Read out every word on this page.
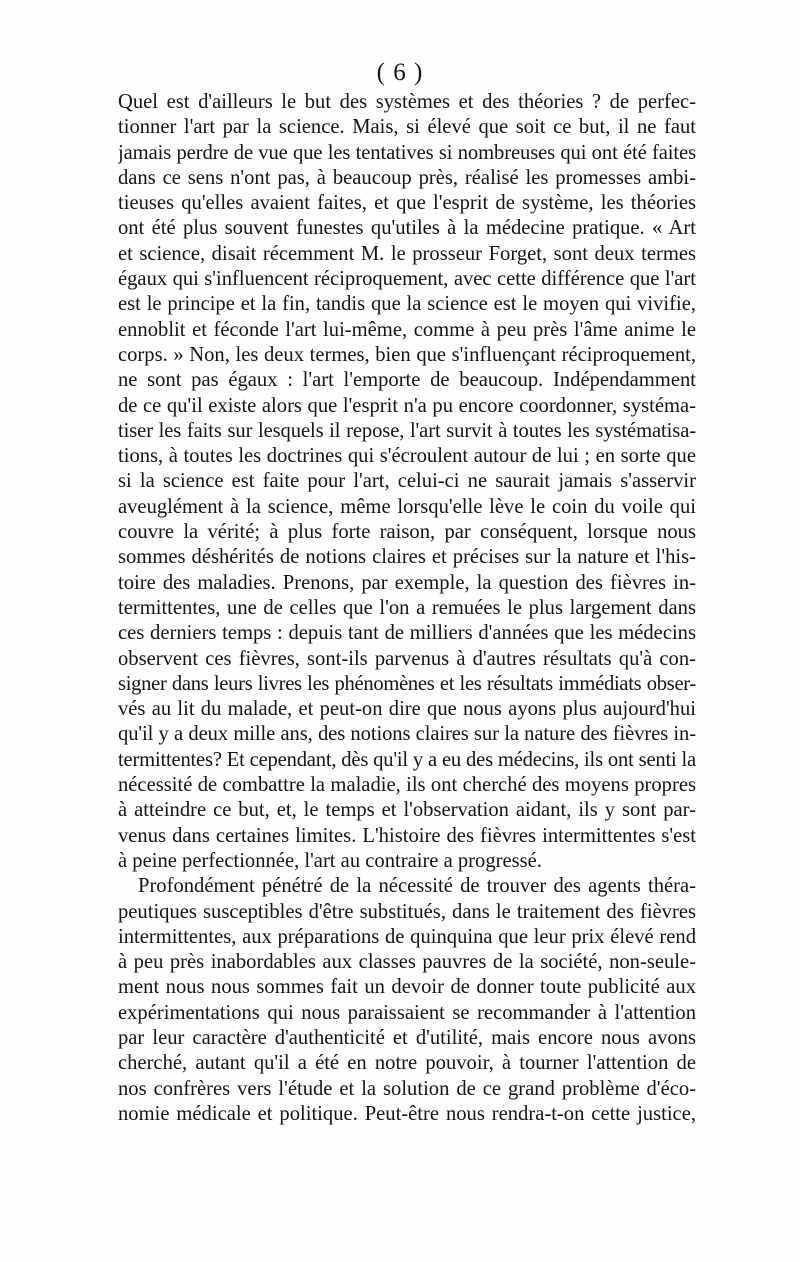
( 6 )
Quel est d'ailleurs le but des systèmes et des théories ? de perfec-
tionner l'art par la science. Mais, si élevé que soit ce but, il ne faut
jamais perdre de vue que les tentatives si nombreuses qui ont été faites
dans ce sens n'ont pas, à beaucoup près, réalisé les promesses ambi-
tieuses qu'elles avaient faites, et que l'esprit de système, les théories
ont été plus souvent funestes qu'utiles à la médecine pratique. « Art
et science, disait récemment M. le prosseur Forget, sont deux termes
égaux qui s'influencent réciproquement, avec cette différence que l'art
est le principe et la fin, tandis que la science est le moyen qui vivifie,
ennoblit et féconde l'art lui-même, comme à peu près l'âme anime le
corps. » Non, les deux termes, bien que s'influençant réciproquement,
ne sont pas égaux : l'art l'emporte de beaucoup. Indépendamment
de ce qu'il existe alors que l'esprit n'a pu encore coordonner, systéma-
tiser les faits sur lesquels il repose, l'art survit à toutes les systématisa-
tions, à toutes les doctrines qui s'écroulent autour de lui ; en sorte que
si la science est faite pour l'art, celui-ci ne saurait jamais s'asservir
aveuglément à la science, même lorsqu'elle lève le coin du voile qui
couvre la vérité; à plus forte raison, par conséquent, lorsque nous
sommes déshérités de notions claires et précises sur la nature et l'his-
toire des maladies. Prenons, par exemple, la question des fièvres in-
termittentes, une de celles que l'on a remuées le plus largement dans
ces derniers temps : depuis tant de milliers d'années que les médecins
observent ces fièvres, sont-ils parvenus à d'autres résultats qu'à con-
signer dans leurs livres les phénomènes et les résultats immédiats obser-
vés au lit du malade, et peut-on dire que nous ayons plus aujourd'hui
qu'il y a deux mille ans, des notions claires sur la nature des fièvres in-
termittentes? Et cependant, dès qu'il y a eu des médecins, ils ont senti la
nécessité de combattre la maladie, ils ont cherché des moyens propres
à atteindre ce but, et, le temps et l'observation aidant, ils y sont par-
venus dans certaines limites. L'histoire des fièvres intermittentes s'est
à peine perfectionnée, l'art au contraire a progressé.
Profondément pénétré de la nécessité de trouver des agents théra-
peutiques susceptibles d'être substitués, dans le traitement des fièvres
intermittentes, aux préparations de quinquina que leur prix élevé rend
à peu près inabordables aux classes pauvres de la société, non-seule-
ment nous nous sommes fait un devoir de donner toute publicité aux
expérimentations qui nous paraissaient se recommander à l'attention
par leur caractère d'authenticité et d'utilité, mais encore nous avons
cherché, autant qu'il a été en notre pouvoir, à tourner l'attention de
nos confrères vers l'étude et la solution de ce grand problème d'éco-
nomie médicale et politique. Peut-être nous rendra-t-on cette justice,
